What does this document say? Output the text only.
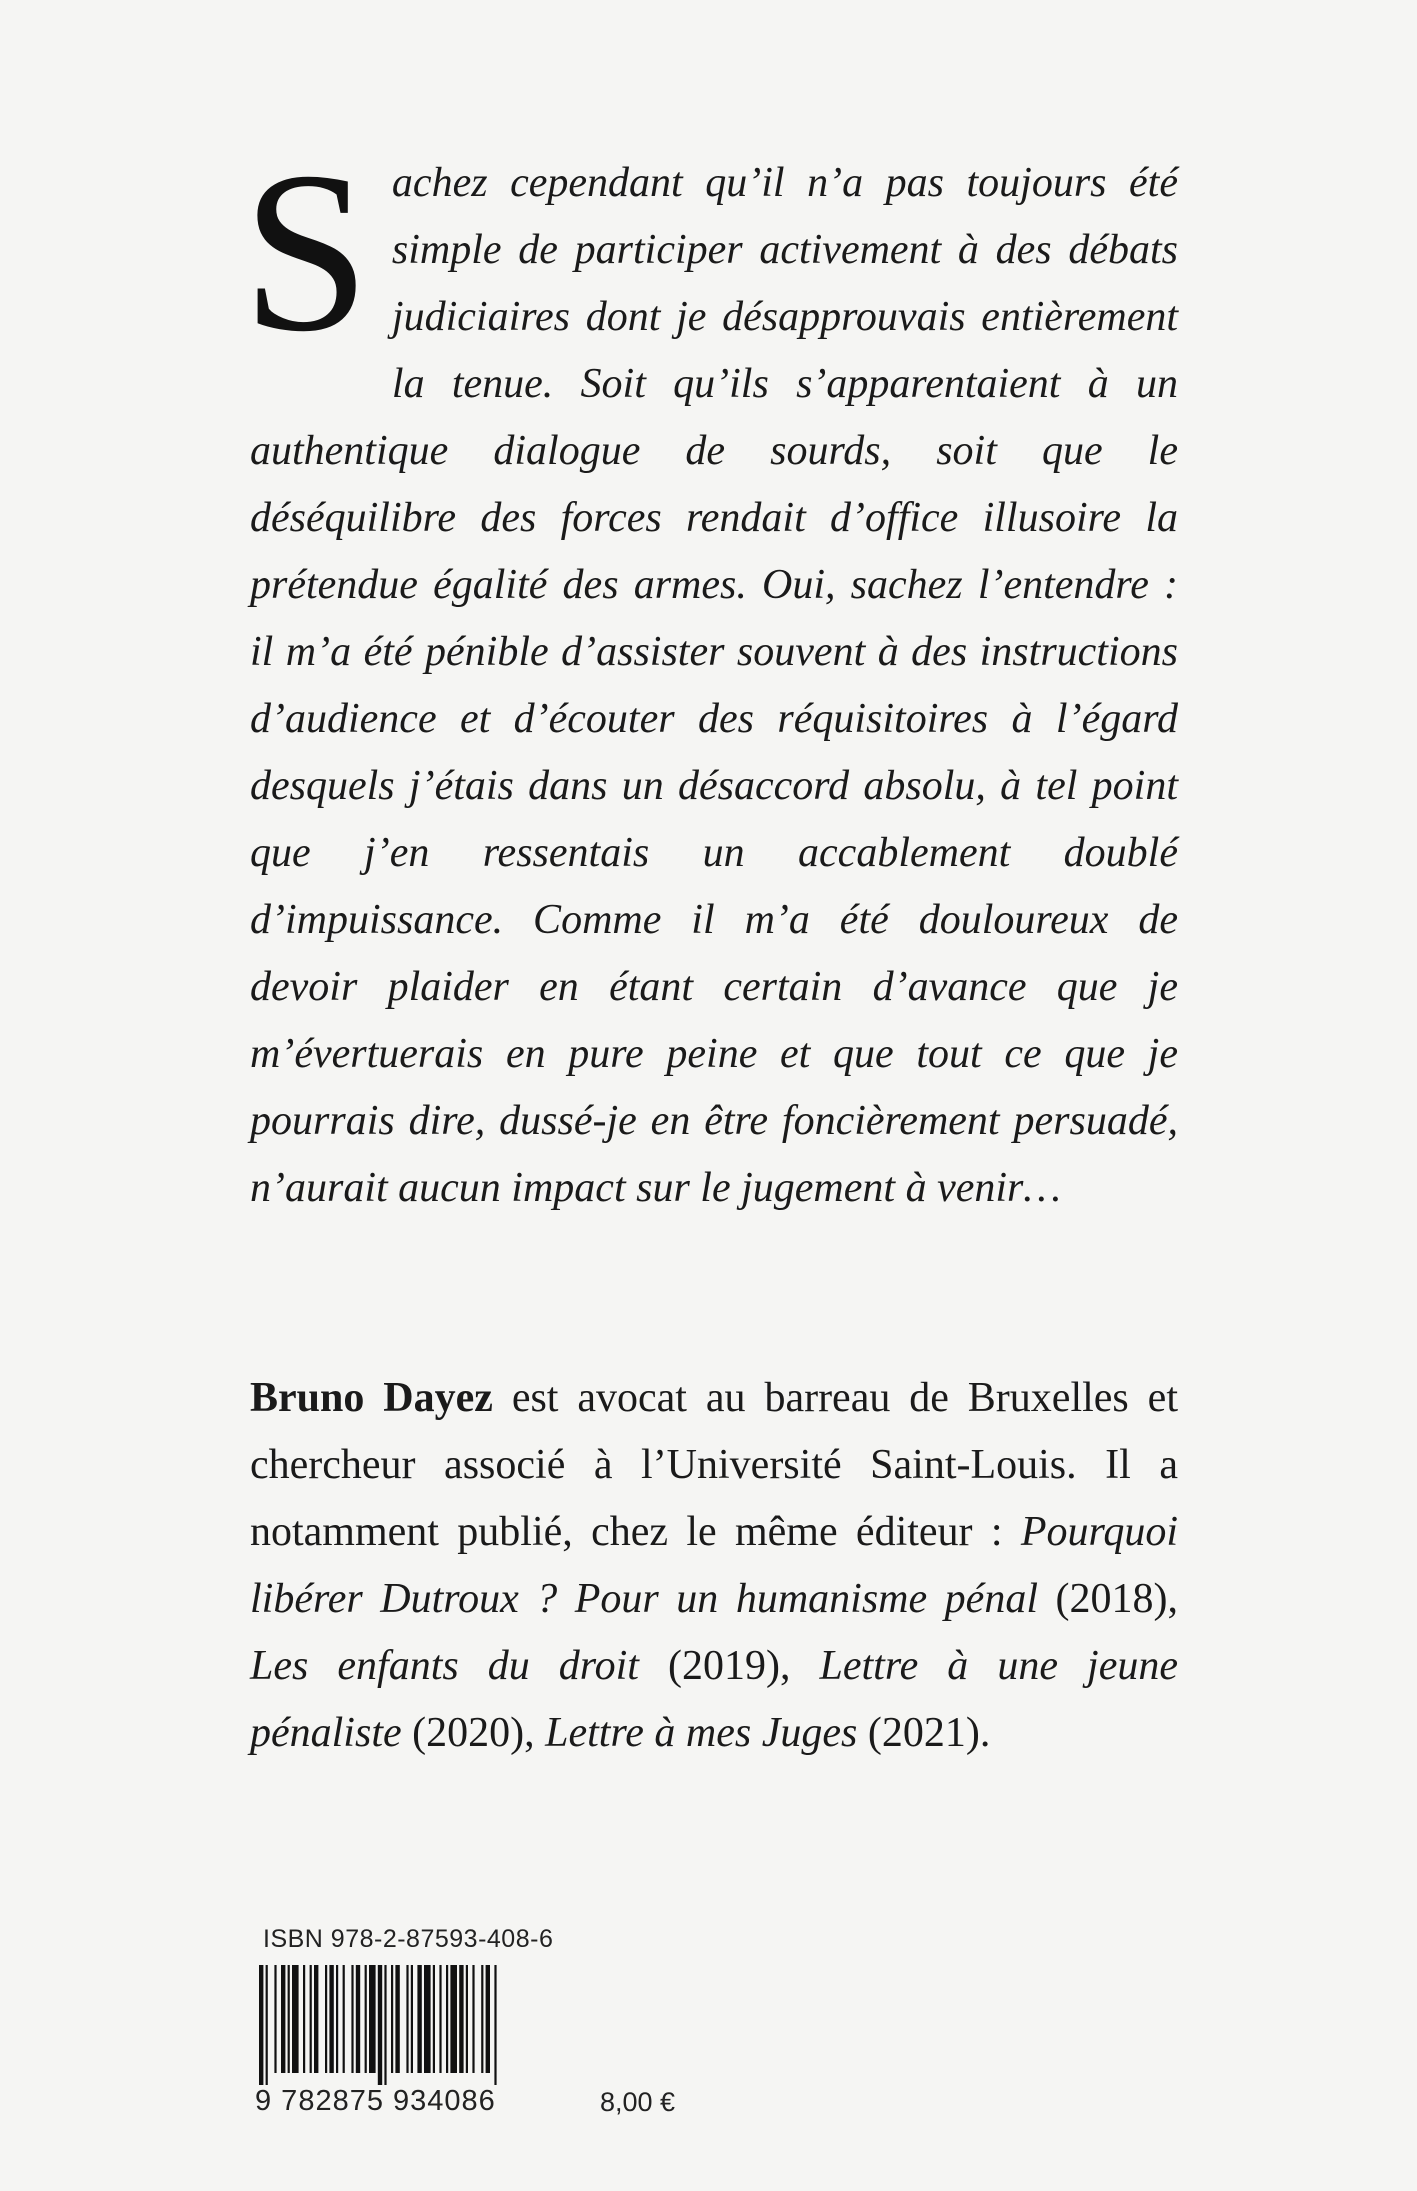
S achez cependant qu’il n’a pas toujours été simple de participer activement à des débats judiciaires dont je désapprouvais entièrement la tenue. Soit qu’ils s’apparentaient à un authentique dialogue de sourds, soit que le déséquilibre des forces rendait d’office illusoire la prétendue égalité des armes. Oui, sachez l’entendre : il m’a été pénible d’assister souvent à des instructions d’audience et d’écouter des réquisitoires à l’égard desquels j’étais dans un désaccord absolu, à tel point que j’en ressentais un accablement doublé d’impuissance. Comme il m’a été douloureux de devoir plaider en étant certain d’avance que je m’évertuerais en pure peine et que tout ce que je pourrais dire, dussé-je en être foncièrement persuadé, n’aurait aucun impact sur le jugement à venir…

Bruno Dayez est avocat au barreau de Bruxelles et chercheur associé à l’Université Saint-Louis. Il a notamment publié, chez le même éditeur : Pourquoi libérer Dutroux ? Pour un humanisme pénal (2018), Les enfants du droit (2019), Lettre à une jeune pénaliste (2020), Lettre à mes Juges (2021).

ISBN 978-2-87593-408-6
9 782875 934086	8,00 €
